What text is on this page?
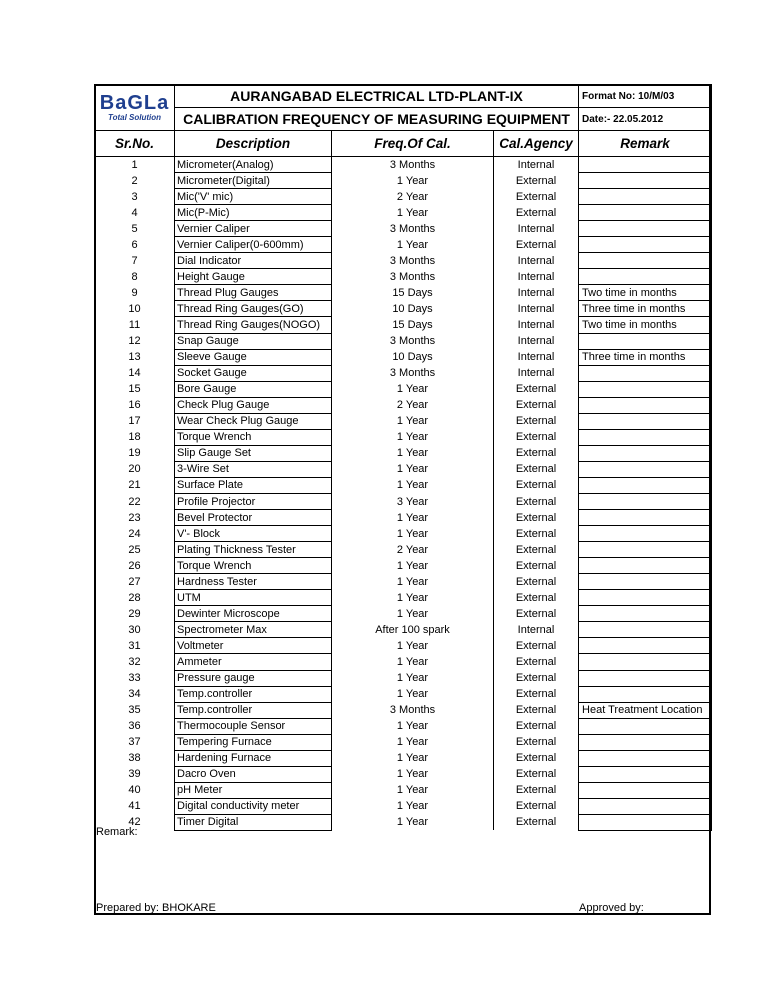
BaGLa
Total Solution	AURANGABAD ELECTRICAL LTD-PLANT-IX			Format No: 10/M/03
	CALIBRATION FREQUENCY OF MEASURING EQUIPMENT			Date:- 22.05.2012
Sr.No.	Description	Freq.Of Cal.	Cal.Agency	Remark
1	Micrometer(Analog)	3 Months	Internal	
2	Micrometer(Digital)	1 Year	External	
3	Mic('V' mic)	2 Year	External	
4	Mic(P-Mic)	1 Year	External	
5	Vernier Caliper	3 Months	Internal	
6	Vernier Caliper(0-600mm)	1 Year	External	
7	Dial Indicator	3 Months	Internal	
8	Height Gauge	3 Months	Internal	
9	Thread Plug Gauges	15 Days	Internal	Two time in months
10	Thread Ring Gauges(GO)	10 Days	Internal	Three time in months
11	Thread Ring Gauges(NOGO)	15 Days	Internal	Two time in months
12	Snap Gauge	3 Months	Internal	
13	Sleeve Gauge	10 Days	Internal	Three time in months
14	Socket Gauge	3 Months	Internal	
15	Bore Gauge	1 Year	External	
16	Check Plug Gauge	2 Year	External	
17	Wear Check Plug Gauge	1 Year	External	
18	Torque Wrench	1 Year	External	
19	Slip Gauge Set	1 Year	External	
20	3-Wire Set	1 Year	External	
21	Surface Plate	1 Year	External	
22	Profile Projector	3 Year	External	
23	Bevel Protector	1 Year	External	
24	V'- Block	1 Year	External	
25	Plating Thickness Tester	2 Year	External	
26	Torque Wrench	1 Year	External	
27	Hardness Tester	1 Year	External	
28	UTM	1 Year	External	
29	Dewinter Microscope	1 Year	External	
30	Spectrometer Max	After 100 spark	Internal	
31	Voltmeter	1 Year	External	
32	Ammeter	1 Year	External	
33	Pressure gauge	1 Year	External	
34	Temp.controller	1 Year	External	
35	Temp.controller	3 Months	External	Heat Treatment Location
36	Thermocouple Sensor	1 Year	External	
37	Tempering Furnace	1 Year	External	
38	Hardening Furnace	1 Year	External	
39	Dacro Oven	1 Year	External	
40	pH Meter	1 Year	External	
41	Digital conductivity meter	1 Year	External	
42	Timer Digital	1 Year	External	
Remark:
Prepared by: BHOKARE	Approved by:
